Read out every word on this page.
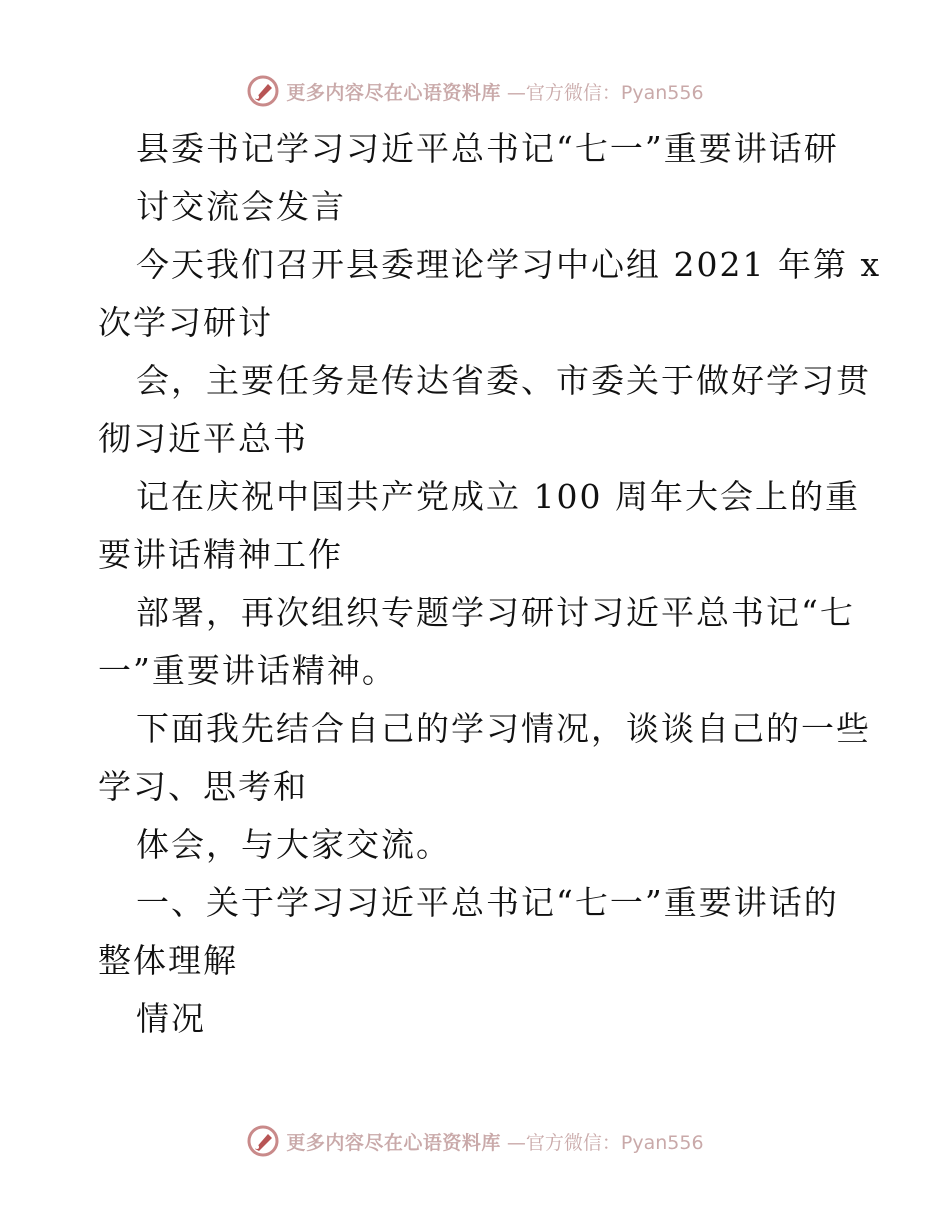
更多内容尽在心语资料库 —官方微信：Pyan556
县委书记学习习近平总书记“七一”重要讲话研
讨交流会发言
今天我们召开县委理论学习中心组 2021 年第 x
次学习研讨
会，主要任务是传达省委、市委关于做好学习贯
彻习近平总书
记在庆祝中国共产党成立 100 周年大会上的重
要讲话精神工作
部署，再次组织专题学习研讨习近平总书记“七
一”重要讲话精神。
下面我先结合自己的学习情况，谈谈自己的一些
学习、思考和
体会，与大家交流。
一、关于学习习近平总书记“七一”重要讲话的
整体理解
情况
更多内容尽在心语资料库 —官方微信：Pyan556
